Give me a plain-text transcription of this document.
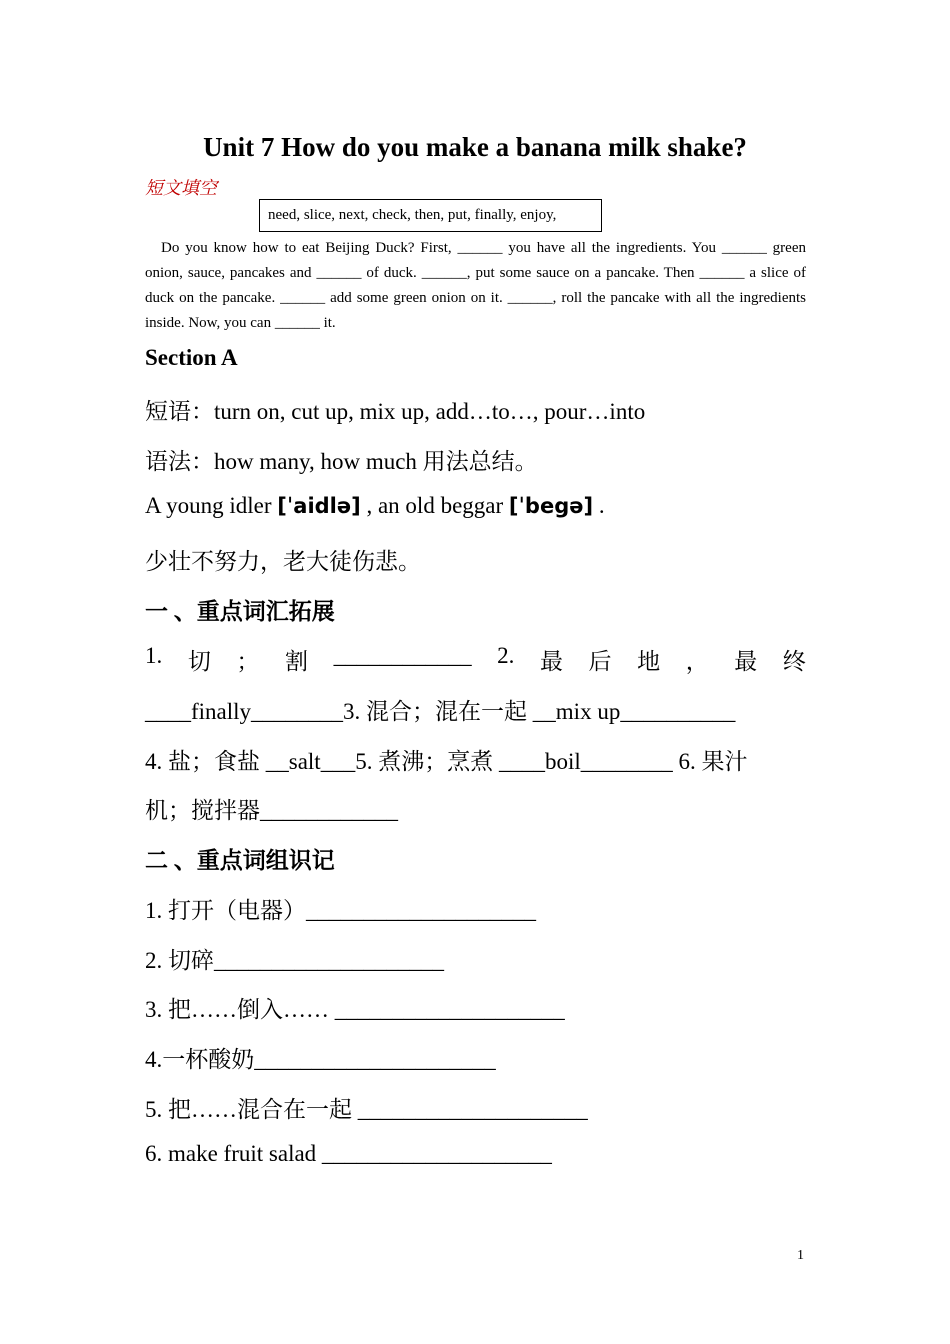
Unit 7 How do you make a banana milk shake?
短文填空
need, slice, next, check, then, put, finally, enjoy,
Do you know how to eat Beijing Duck? First, ______ you have all the ingredients. You ______ green onion, sauce, pancakes and ______ of duck. ______, put some sauce on a pancake. Then ______ a slice of duck on the pancake. ______ add some green onion on it. ______, roll the pancake with all the ingredients inside. Now, you can ______ it.
Section A
短语：turn on, cut up, mix up, add…to…, pour…into
语法：how many, how much 用法总结。
A young idler [ˈaidlə] , an old beggar [ˈbegə] .
少壮不努力，老大徒伤悲。
一 、重点词汇拓展
1. 切 ； 割 ____________ 2. 最 后 地 ， 最 终
____finally________3. 混合；混在一起 __mix up__________
4. 盐；食盐 __salt___5. 煮沸；烹煮 ____boil________ 6. 果汁
机；搅拌器____________
二 、重点词组识记
1. 打开（电器）____________________
2. 切碎____________________
3. 把……倒入…… ____________________
4.一杯酸奶_____________________
5. 把……混合在一起 ____________________
6. make fruit salad ____________________
1
